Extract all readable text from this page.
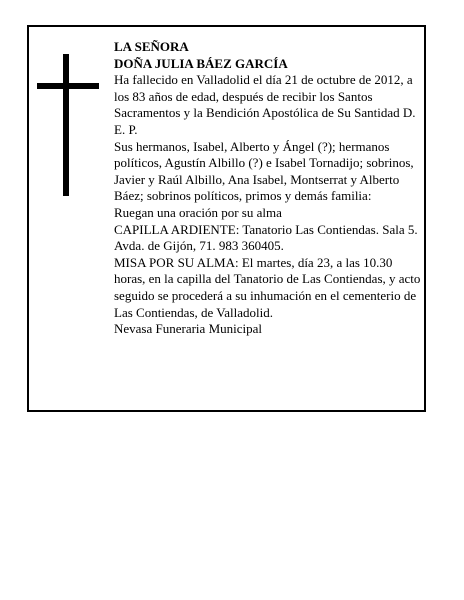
LA SEÑORA

DOÑA JULIA BÁEZ GARCÍA

Ha fallecido en Valladolid el día 21 de octubre de 2012, a los 83 años de edad, después de recibir los Santos Sacramentos y la Bendición Apostólica de Su Santidad D. E. P.

Sus hermanos, Isabel, Alberto y Ángel (?); hermanos políticos, Agustín Albillo (?) e Isabel Tornadijo; sobrinos, Javier y Raúl Albillo, Ana Isabel, Montserrat y Alberto Báez; sobrinos políticos, primos y demás familia:

Ruegan una oración por su alma

CAPILLA ARDIENTE: Tanatorio Las Contiendas. Sala 5. Avda. de Gijón, 71. 983 360405.

MISA POR SU ALMA: El martes, día 23, a las 10.30 horas, en la capilla del Tanatorio de Las Contiendas, y acto seguido se procederá a su inhumación en el cementerio de Las Contiendas, de Valladolid.

Nevasa Funeraria Municipal
